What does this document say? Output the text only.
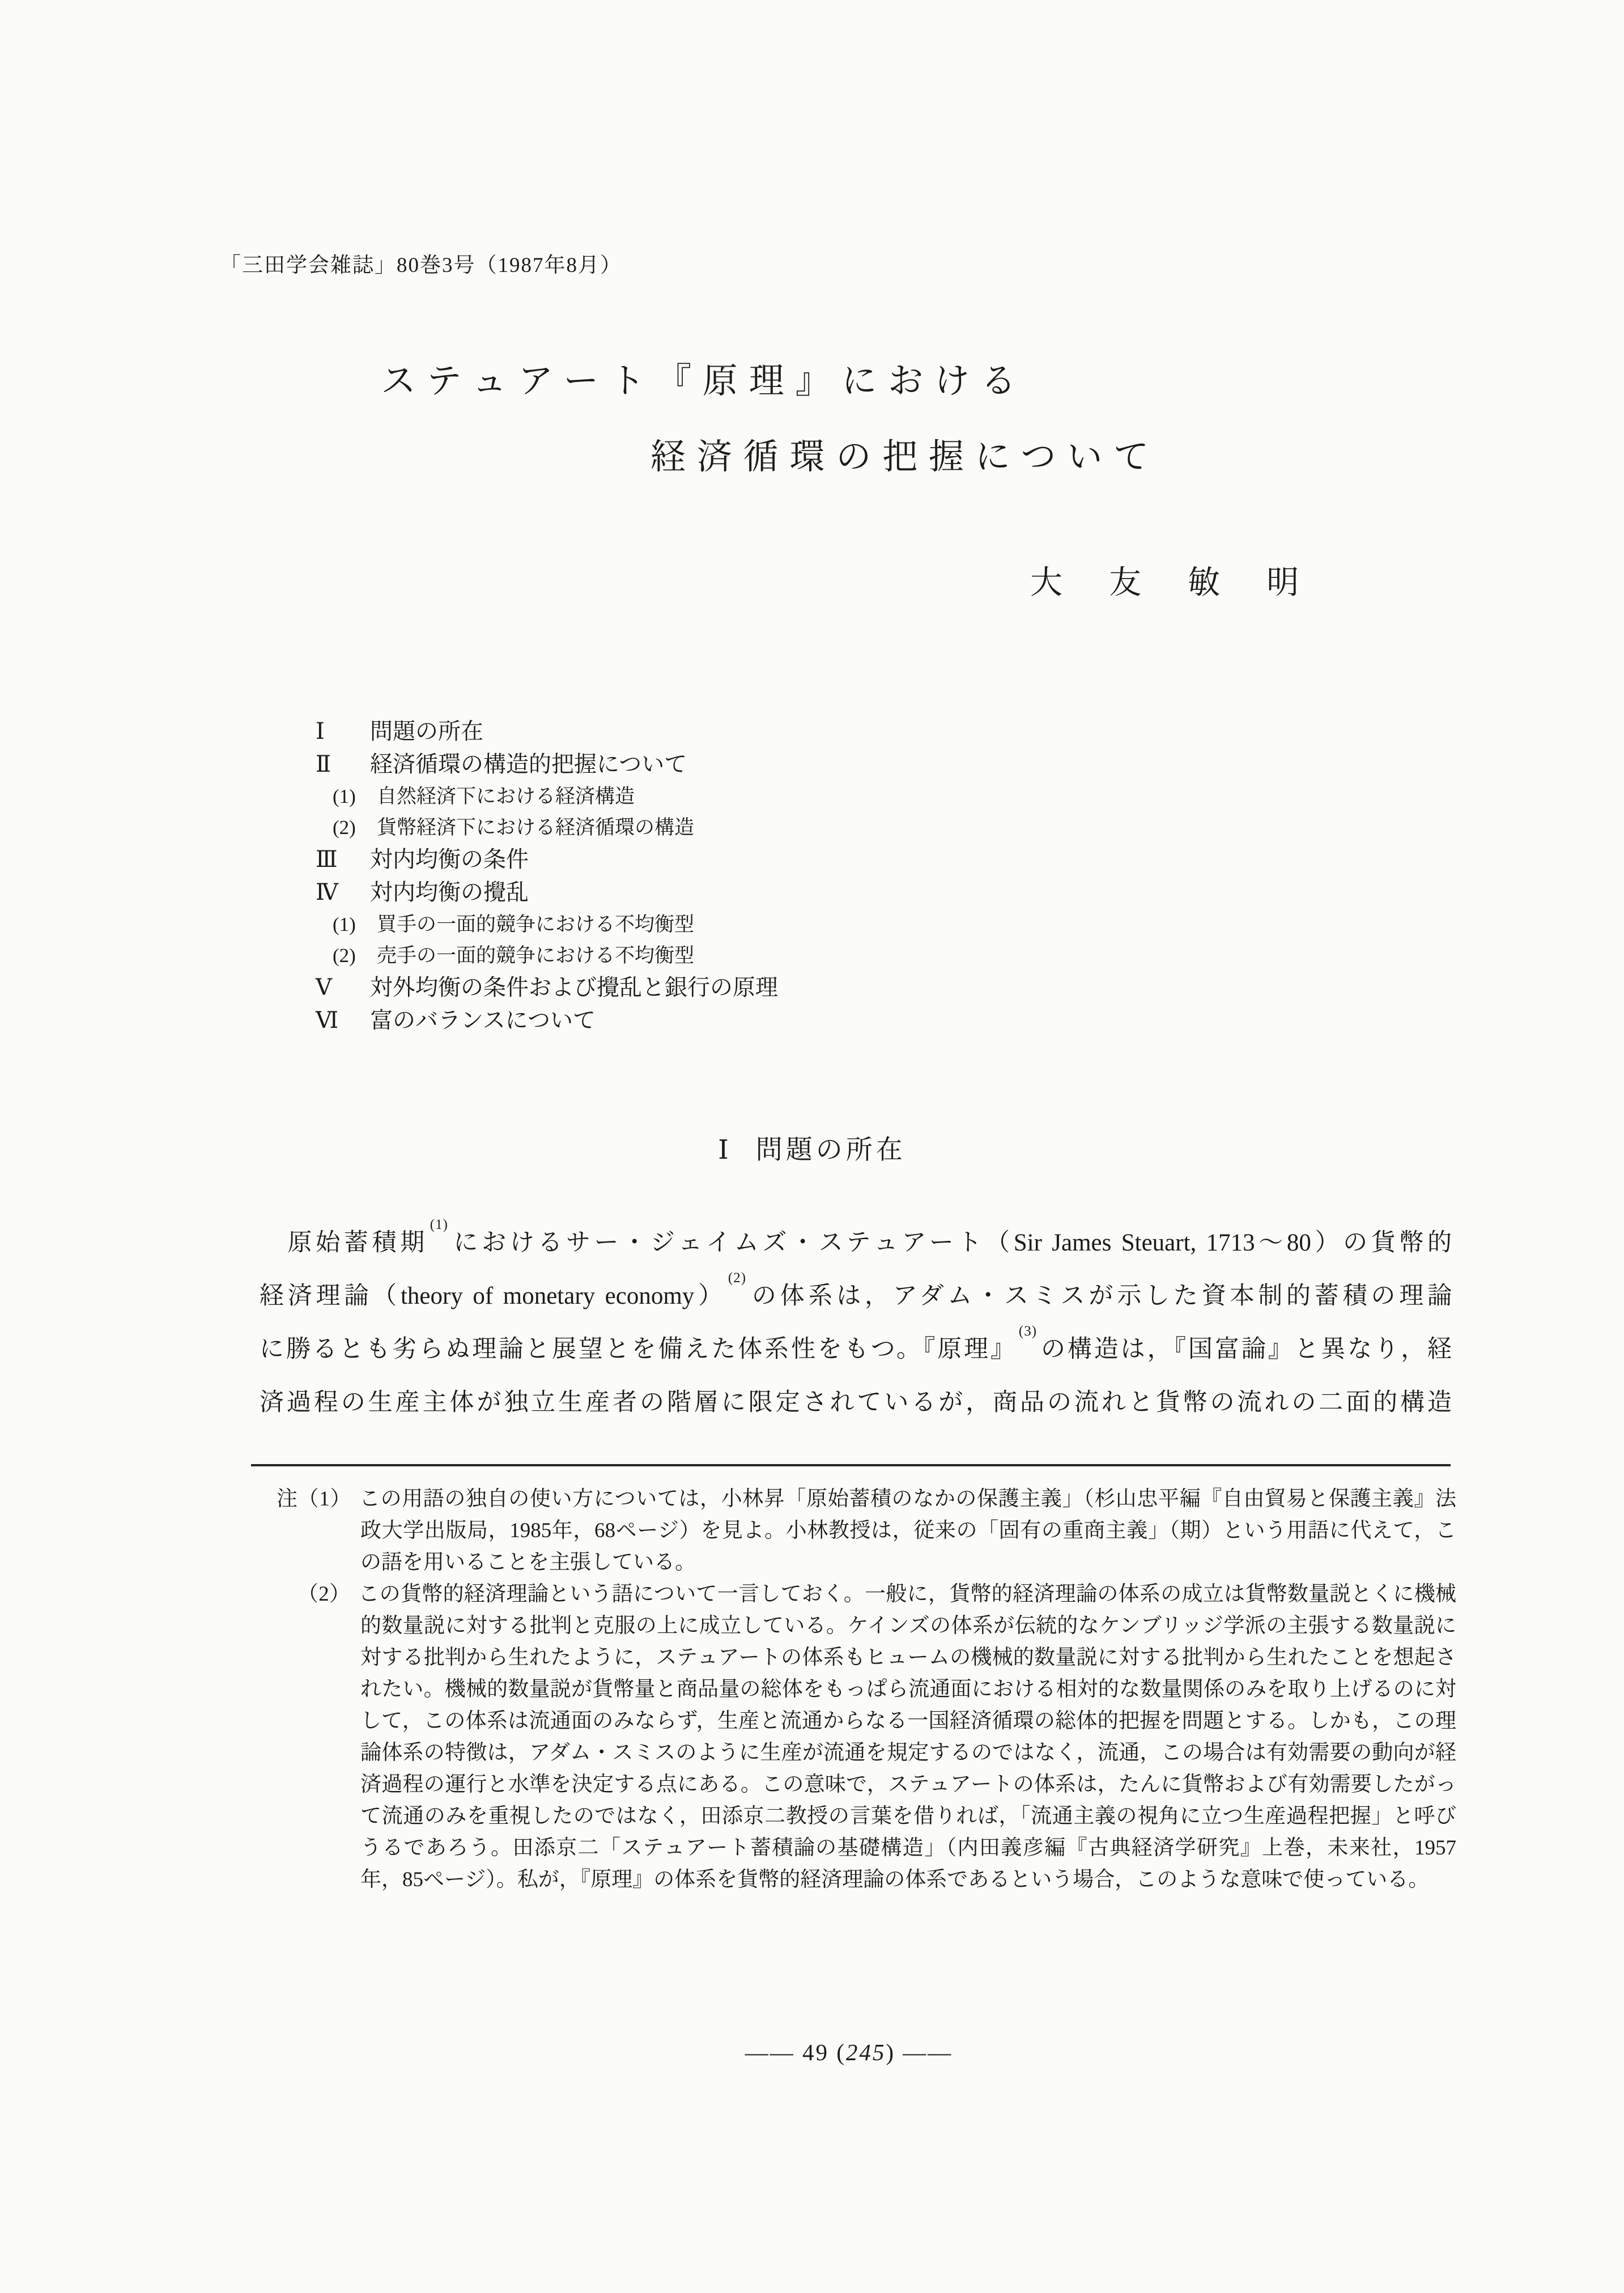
「三田学会雑誌」80巻3号（1987年8月）
ステュアート『原理』における
経済循環の把握について
大　友　敏　明
Ⅰ 問題の所在
Ⅱ 経済循環の構造的把握について
(1) 自然経済下における経済構造
(2) 貨幣経済下における経済循環の構造
Ⅲ 対内均衡の条件
Ⅳ 対内均衡の攪乱
(1) 買手の一面的競争における不均衡型
(2) 売手の一面的競争における不均衡型
Ⅴ 対外均衡の条件および攪乱と銀行の原理
Ⅵ 富のバランスについて
Ⅰ 問題の所在
　原始蓄積期$^{(1)}$におけるサー・ジェイムズ・ステュアート（Sir James Steuart, 1713〜80）の貨幣的
経済理論（theory of monetary economy）$^{(2)}$の体系は，アダム・スミスが示した資本制的蓄積の理論
に勝るとも劣らぬ理論と展望とを備えた体系性をもつ。『原理』$^{(3)}$の構造は，『国富論』と異なり，経
済過程の生産主体が独立生産者の階層に限定されているが，商品の流れと貨幣の流れの二面的構造
注（1） この用語の独自の使い方については，小林昇「原始蓄積のなかの保護主義」（杉山忠平編『自由貿易と保護主義』法政大学出版局，1985年，68ページ）を見よ。小林教授は，従来の「固有の重商主義」（期）という用語に代えて，この語を用いることを主張している。
（2） この貨幣的経済理論という語について一言しておく。一般に，貨幣的経済理論の体系の成立は貨幣数量説とくに機械的数量説に対する批判と克服の上に成立している。ケインズの体系が伝統的なケンブリッジ学派の主張する数量説に対する批判から生れたように，ステュアートの体系もヒュームの機械的数量説に対する批判から生れたことを想起されたい。機械的数量説が貨幣量と商品量の総体をもっぱら流通面における相対的な数量関係のみを取り上げるのに対して，この体系は流通面のみならず，生産と流通からなる一国経済循環の総体的把握を問題とする。しかも，この理論体系の特徴は，アダム・スミスのように生産が流通を規定するのではなく，流通，この場合は有効需要の動向が経済過程の運行と水準を決定する点にある。この意味で，ステュアートの体系は，たんに貨幣および有効需要したがって流通のみを重視したのではなく，田添京二教授の言葉を借りれば，「流通主義の視角に立つ生産過程把握」と呼びうるであろう。田添京二「ステュアート蓄積論の基礎構造」（内田義彦編『古典経済学研究』上巻，未来社，1957年，85ページ）。私が，『原理』の体系を貨幣的経済理論の体系であるという場合，このような意味で使っている。
—— 49 (245) ——
